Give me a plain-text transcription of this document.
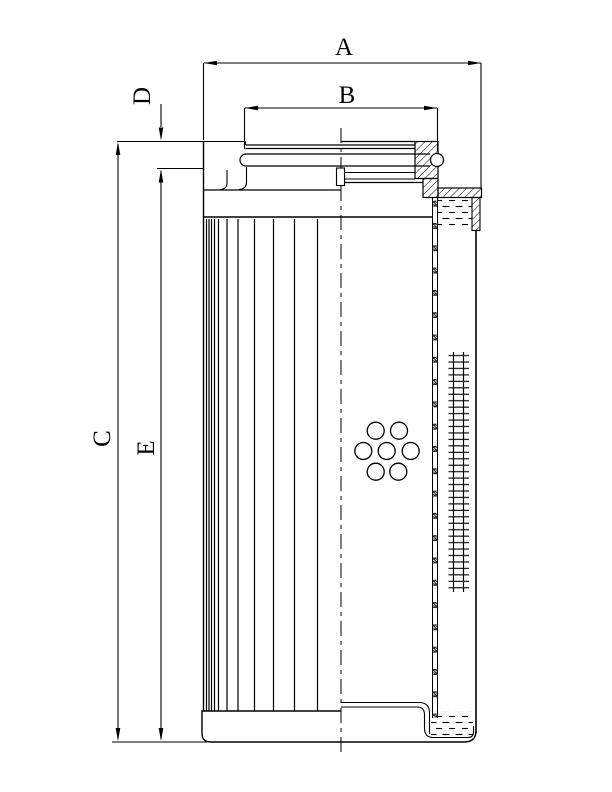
A
B
C
E
D
